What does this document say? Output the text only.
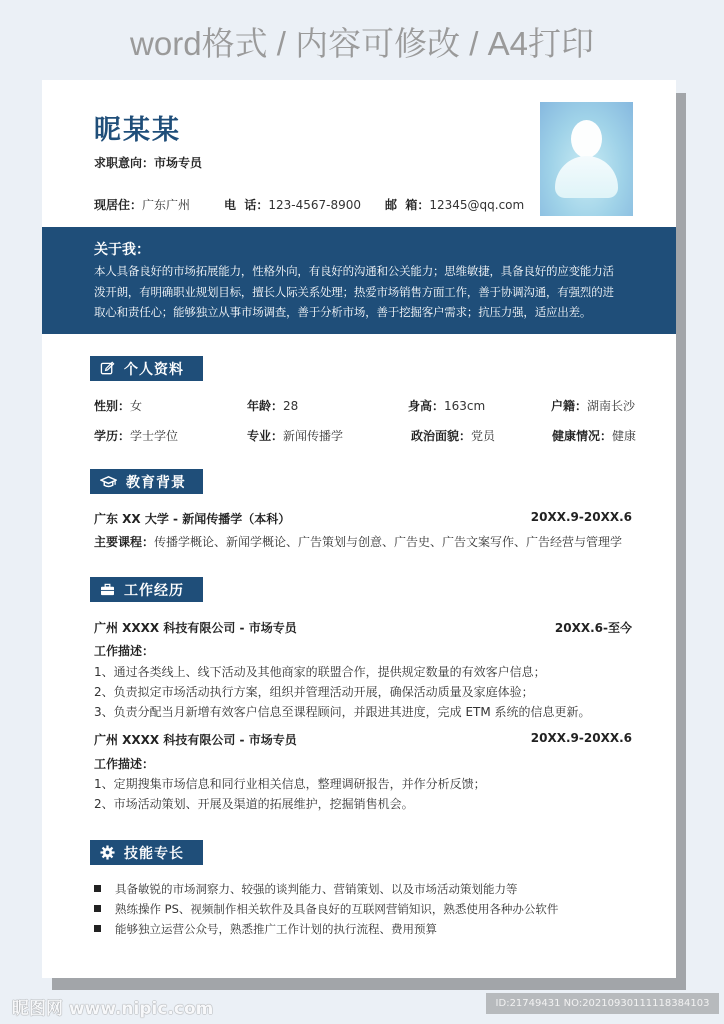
word格式 / 内容可修改 / A4打印
昵某某
求职意向：市场专员
现居住：广东广州	电  话：123-4567-8900 邮  箱：12345@qq.com
关于我：
本人具备良好的市场拓展能力，性格外向，有良好的沟通和公关能力；思维敏捷，具备良好的应变能力活泼开朗，有明确职业规划目标，擅长人际关系处理；热爱市场销售方面工作，善于协调沟通，有强烈的进取心和责任心；能够独立从事市场调查，善于分析市场，善于挖掘客户需求；抗压力强，适应出差。
个人资料
性别：女	年龄：28	身高：163cm	户籍：湖南长沙
学历：学士学位	专业：新闻传播学	政治面貌：党员	健康情况：健康
教育背景
广东 XX 大学 - 新闻传播学（本科）	20XX.9-20XX.6
主要课程：传播学概论、新闻学概论、广告策划与创意、广告史、广告文案写作、广告经营与管理学
工作经历
广州 XXXX 科技有限公司 - 市场专员	20XX.6-至今
工作描述：
1、通过各类线上、线下活动及其他商家的联盟合作，提供规定数量的有效客户信息；
2、负责拟定市场活动执行方案，组织并管理活动开展，确保活动质量及家庭体验；
3、负责分配当月新增有效客户信息至课程顾问，并跟进其进度，完成 ETM 系统的信息更新。
广州 XXXX 科技有限公司 - 市场专员	20XX.9-20XX.6
工作描述：
1、定期搜集市场信息和同行业相关信息，整理调研报告，并作分析反馈；
2、市场活动策划、开展及渠道的拓展维护，挖掘销售机会。
技能专长
具备敏锐的市场洞察力、较强的谈判能力、营销策划、以及市场活动策划能力等
熟练操作 PS、视频制作相关软件及具备良好的互联网营销知识，熟悉使用各种办公软件
能够独立运营公众号，熟悉推广工作计划的执行流程、费用预算
昵图网 www.nipic.com	ID:21749431 NO:20210930111118384103
